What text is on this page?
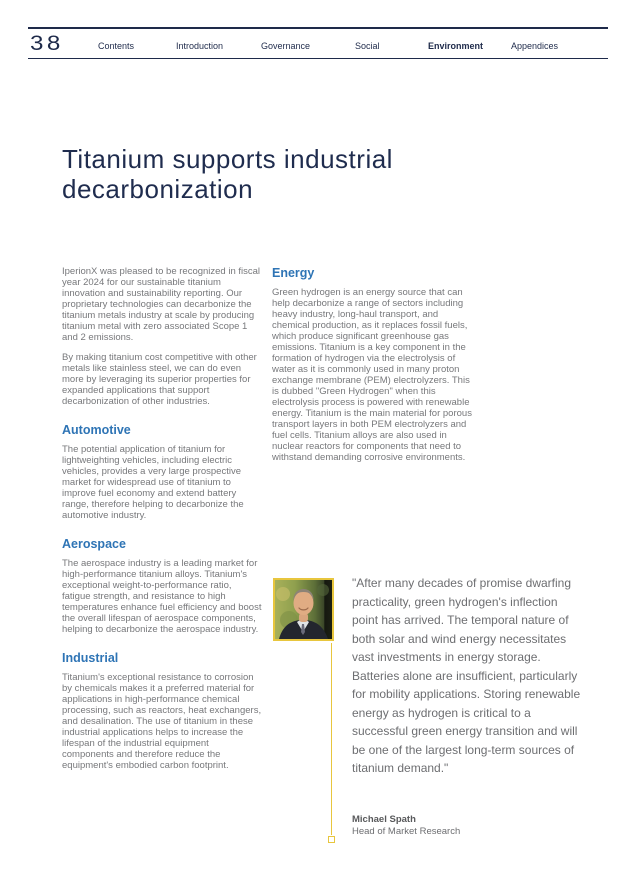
38	Contents	Introduction	Governance	Social	Environment	Appendices
Titanium supports industrial decarbonization

IperionX was pleased to be recognized in fiscal year 2024 for our sustainable titanium innovation and sustainability reporting. Our proprietary technologies can decarbonize the titanium metals industry at scale by producing titanium metal with zero associated Scope 1 and 2 emissions.

By making titanium cost competitive with other metals like stainless steel, we can do even more by leveraging its superior properties for expanded applications that support decarbonization of other industries.

Automotive

The potential application of titanium for lightweighting vehicles, including electric vehicles, provides a very large prospective market for widespread use of titanium to improve fuel economy and extend battery range, therefore helping to decarbonize the automotive industry.

Aerospace

The aerospace industry is a leading market for high-performance titanium alloys. Titanium's exceptional weight-to-performance ratio, fatigue strength, and resistance to high temperatures enhance fuel efficiency and boost the overall lifespan of aerospace components, helping to decarbonize the aerospace industry.

Industrial

Titanium's exceptional resistance to corrosion by chemicals makes it a preferred material for applications in high-performance chemical processing, such as reactors, heat exchangers, and desalination. The use of titanium in these industrial applications helps to increase the lifespan of the industrial equipment components and therefore reduce the equipment's embodied carbon footprint.

Energy

Green hydrogen is an energy source that can help decarbonize a range of sectors including heavy industry, long-haul transport, and chemical production, as it replaces fossil fuels, which produce significant greenhouse gas emissions. Titanium is a key component in the formation of hydrogen via the electrolysis of water as it is commonly used in many proton exchange membrane (PEM) electrolyzers. This is dubbed "Green Hydrogen" when this electrolysis process is powered with renewable energy. Titanium is the main material for porous transport layers in both PEM electrolyzers and fuel cells. Titanium alloys are also used in nuclear reactors for components that need to withstand demanding corrosive environments.

"After many decades of promise dwarfing practicality, green hydrogen's inflection point has arrived. The temporal nature of both solar and wind energy necessitates vast investments in energy storage. Batteries alone are insufficient, particularly for mobility applications. Storing renewable energy as hydrogen is critical to a successful green energy transition and will be one of the largest long-term sources of titanium demand."

Michael Spath
Head of Market Research
